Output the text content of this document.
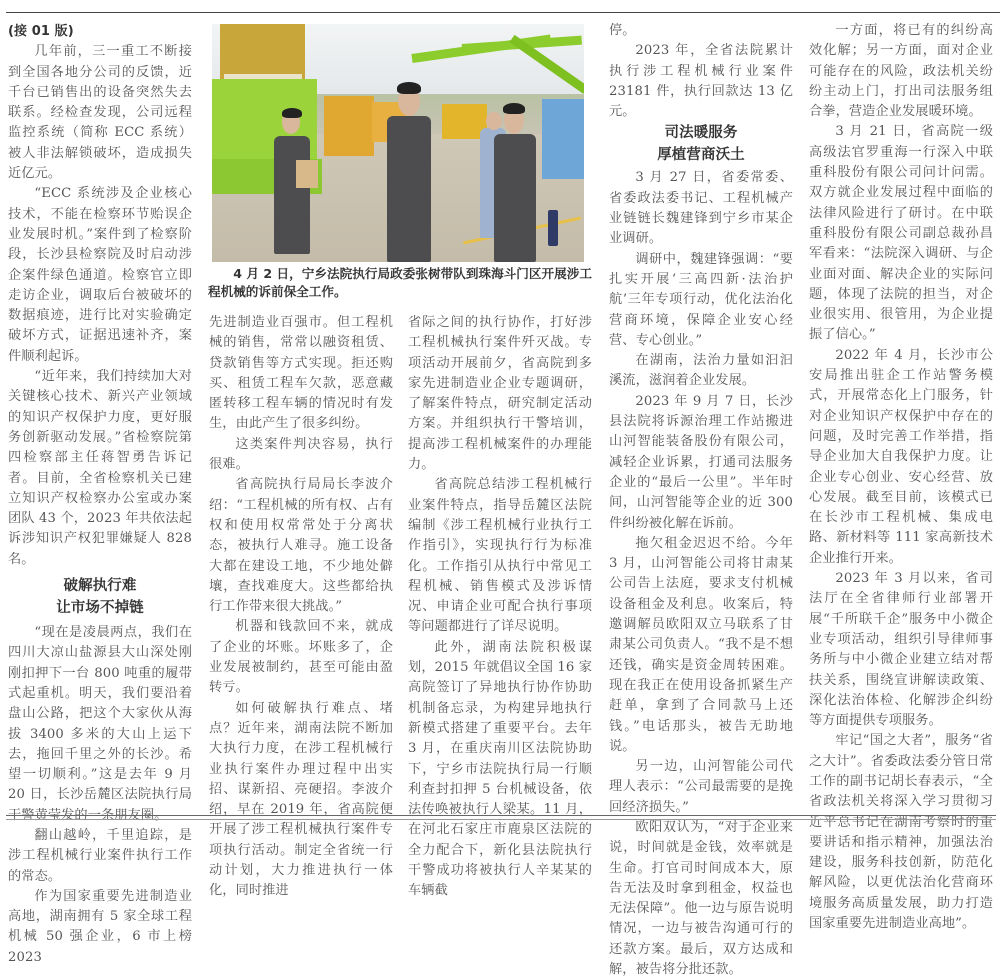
(接 01 版)

几年前，三一重工不断接到全国各地分公司的反馈，近千台已销售出的设备突然失去联系。经检查发现，公司远程监控系统（简称 ECC 系统）被人非法解锁破坏，造成损失近亿元。

“ECC 系统涉及企业核心技术，不能在检察环节贻误企业发展时机。”案件到了检察阶段，长沙县检察院及时启动涉企案件绿色通道。检察官立即走访企业，调取后台被破坏的数据痕迹，进行比对实验确定破坏方式，证据迅速补齐，案件顺利起诉。

“近年来，我们持续加大对关键核心技术、新兴产业领域的知识产权保护力度，更好服务创新驱动发展。”省检察院第四检察部主任蒋智勇告诉记者。目前，全省检察机关已建立知识产权检察办公室或办案团队 43 个，2023 年共依法起诉涉知识产权犯罪嫌疑人 828 名。

破解执行难
让市场不掉链

“现在是凌晨两点，我们在四川大凉山盐源县大山深处刚刚扣押下一台 800 吨重的履带式起重机。明天，我们要沿着盘山公路，把这个大家伙从海拔 3400 多米的大山上运下去，拖回千里之外的长沙。希望一切顺利。”这是去年 9 月 20 日，长沙岳麓区法院执行局干警黄莹发的一条朋友圈。

翻山越岭，千里追踪，是涉工程机械行业案件执行工作的常态。

作为国家重要先进制造业高地，湖南拥有 5 家全球工程机械 50 强企业，6 市上榜 2023

4 月 2 日，宁乡法院执行局政委张树带队到珠海斗门区开展涉工程机械的诉前保全工作。

先进制造业百强市。但工程机械的销售，常常以融资租赁、贷款销售等方式实现。拒还购买、租赁工程车欠款，恶意藏匿转移工程车辆的情况时有发生，由此产生了很多纠纷。

这类案件判决容易，执行很难。

省高院执行局局长李波介绍：“工程机械的所有权、占有权和使用权常常处于分离状态，被执行人难寻。施工设备大都在建设工地，不少地处僻壤，查找难度大。这些都给执行工作带来很大挑战。”

机器和钱款回不来，就成了企业的坏账。坏账多了，企业发展被制约，甚至可能由盈转亏。

如何破解执行难点、堵点？近年来，湖南法院不断加大执行力度，在涉工程机械行业执行案件办理过程中出实招、谋新招、亮硬招。李波介绍，早在 2019 年，省高院便开展了涉工程机械执行案件专项执行活动。制定全省统一行动计划，大力推进执行一体化，同时推进

省际之间的执行协作，打好涉工程机械执行案件歼灭战。专项活动开展前夕，省高院到多家先进制造业企业专题调研，了解案件特点，研究制定活动方案。并组织执行干警培训，提高涉工程机械案件的办理能力。

省高院总结涉工程机械行业案件特点，指导岳麓区法院编制《涉工程机械行业执行工作指引》，实现执行行为标准化。工作指引从执行中常见工程机械、销售模式及涉诉情况、申请企业可配合执行事项等问题都进行了详尽说明。

此外，湖南法院积极谋划，2015 年就倡议全国 16 家高院签订了异地执行协作协助机制备忘录，为构建异地执行新模式搭建了重要平台。去年 3 月，在重庆南川区法院协助下，宁乡市法院执行局一行顺利查封扣押 5 台机械设备，依法传唤被执行人梁某。11 月，在河北石家庄市鹿泉区法院的全力配合下，新化县法院执行干警成功将被执行人辛某某的车辆截

停。

2023 年，全省法院累计执行涉工程机械行业案件 23181 件，执行回款达 13 亿元。

司法暖服务
厚植营商沃土

3 月 27 日，省委常委、省委政法委书记、工程机械产业链链长魏建锋到宁乡市某企业调研。

调研中，魏建锋强调：“要扎实开展‘三高四新·法治护航’三年专项行动，优化法治化营商环境，保障企业安心经营、专心创业。”

在湖南，法治力量如汩汩溪流，滋润着企业发展。

2023 年 9 月 7 日，长沙县法院将诉源治理工作站搬进山河智能装备股份有限公司，减轻企业诉累，打通司法服务企业的“最后一公里”。半年时间，山河智能等企业的近 300 件纠纷被化解在诉前。

拖欠租金迟迟不给。今年 3 月，山河智能公司将甘肃某公司告上法庭，要求支付机械设备租金及利息。收案后，特邀调解员欧阳双立马联系了甘肃某公司负责人。“我不是不想还钱，确实是资金周转困难。现在我正在使用设备抓紧生产赶单，拿到了合同款马上还钱。”电话那头，被告无助地说。

另一边，山河智能公司代理人表示：“公司最需要的是挽回经济损失。”

欧阳双认为，“对于企业来说，时间就是金钱，效率就是生命。打官司时间成本大，原告无法及时拿到租金，权益也无法保障”。他一边与原告说明情况，一边与被告沟通可行的还款方案。最后，双方达成和解，被告将分批还款。

一方面，将已有的纠纷高效化解；另一方面，面对企业可能存在的风险，政法机关纷纷主动上门，打出司法服务组合拳，营造企业发展暖环境。

3 月 21 日，省高院一级高级法官罗重海一行深入中联重科股份有限公司问计问需。双方就企业发展过程中面临的法律风险进行了研讨。在中联重科股份有限公司副总裁孙昌军看来：“法院深入调研、与企业面对面、解决企业的实际问题，体现了法院的担当，对企业很实用、很管用，为企业提振了信心。”

2022 年 4 月，长沙市公安局推出驻企工作站警务模式，开展常态化上门服务，针对企业知识产权保护中存在的问题，及时完善工作举措，指导企业加大自我保护力度。让企业专心创业、安心经营、放心发展。截至目前，该模式已在长沙市工程机械、集成电路、新材料等 111 家高新技术企业推行开来。

2023 年 3 月以来，省司法厅在全省律师行业部署开展“千所联千企”服务中小微企业专项活动，组织引导律师事务所与中小微企业建立结对帮扶关系，围绕宣讲解读政策、深化法治体检、化解涉企纠纷等方面提供专项服务。

牢记“国之大者”，服务“省之大计”。省委政法委分管日常工作的副书记胡长春表示，“全省政法机关将深入学习贯彻习近平总书记在湖南考察时的重要讲话和指示精神，加强法治建设，服务科技创新，防范化解风险，以更优法治化营商环境服务高质量发展，助力打造国家重要先进制造业高地”。
